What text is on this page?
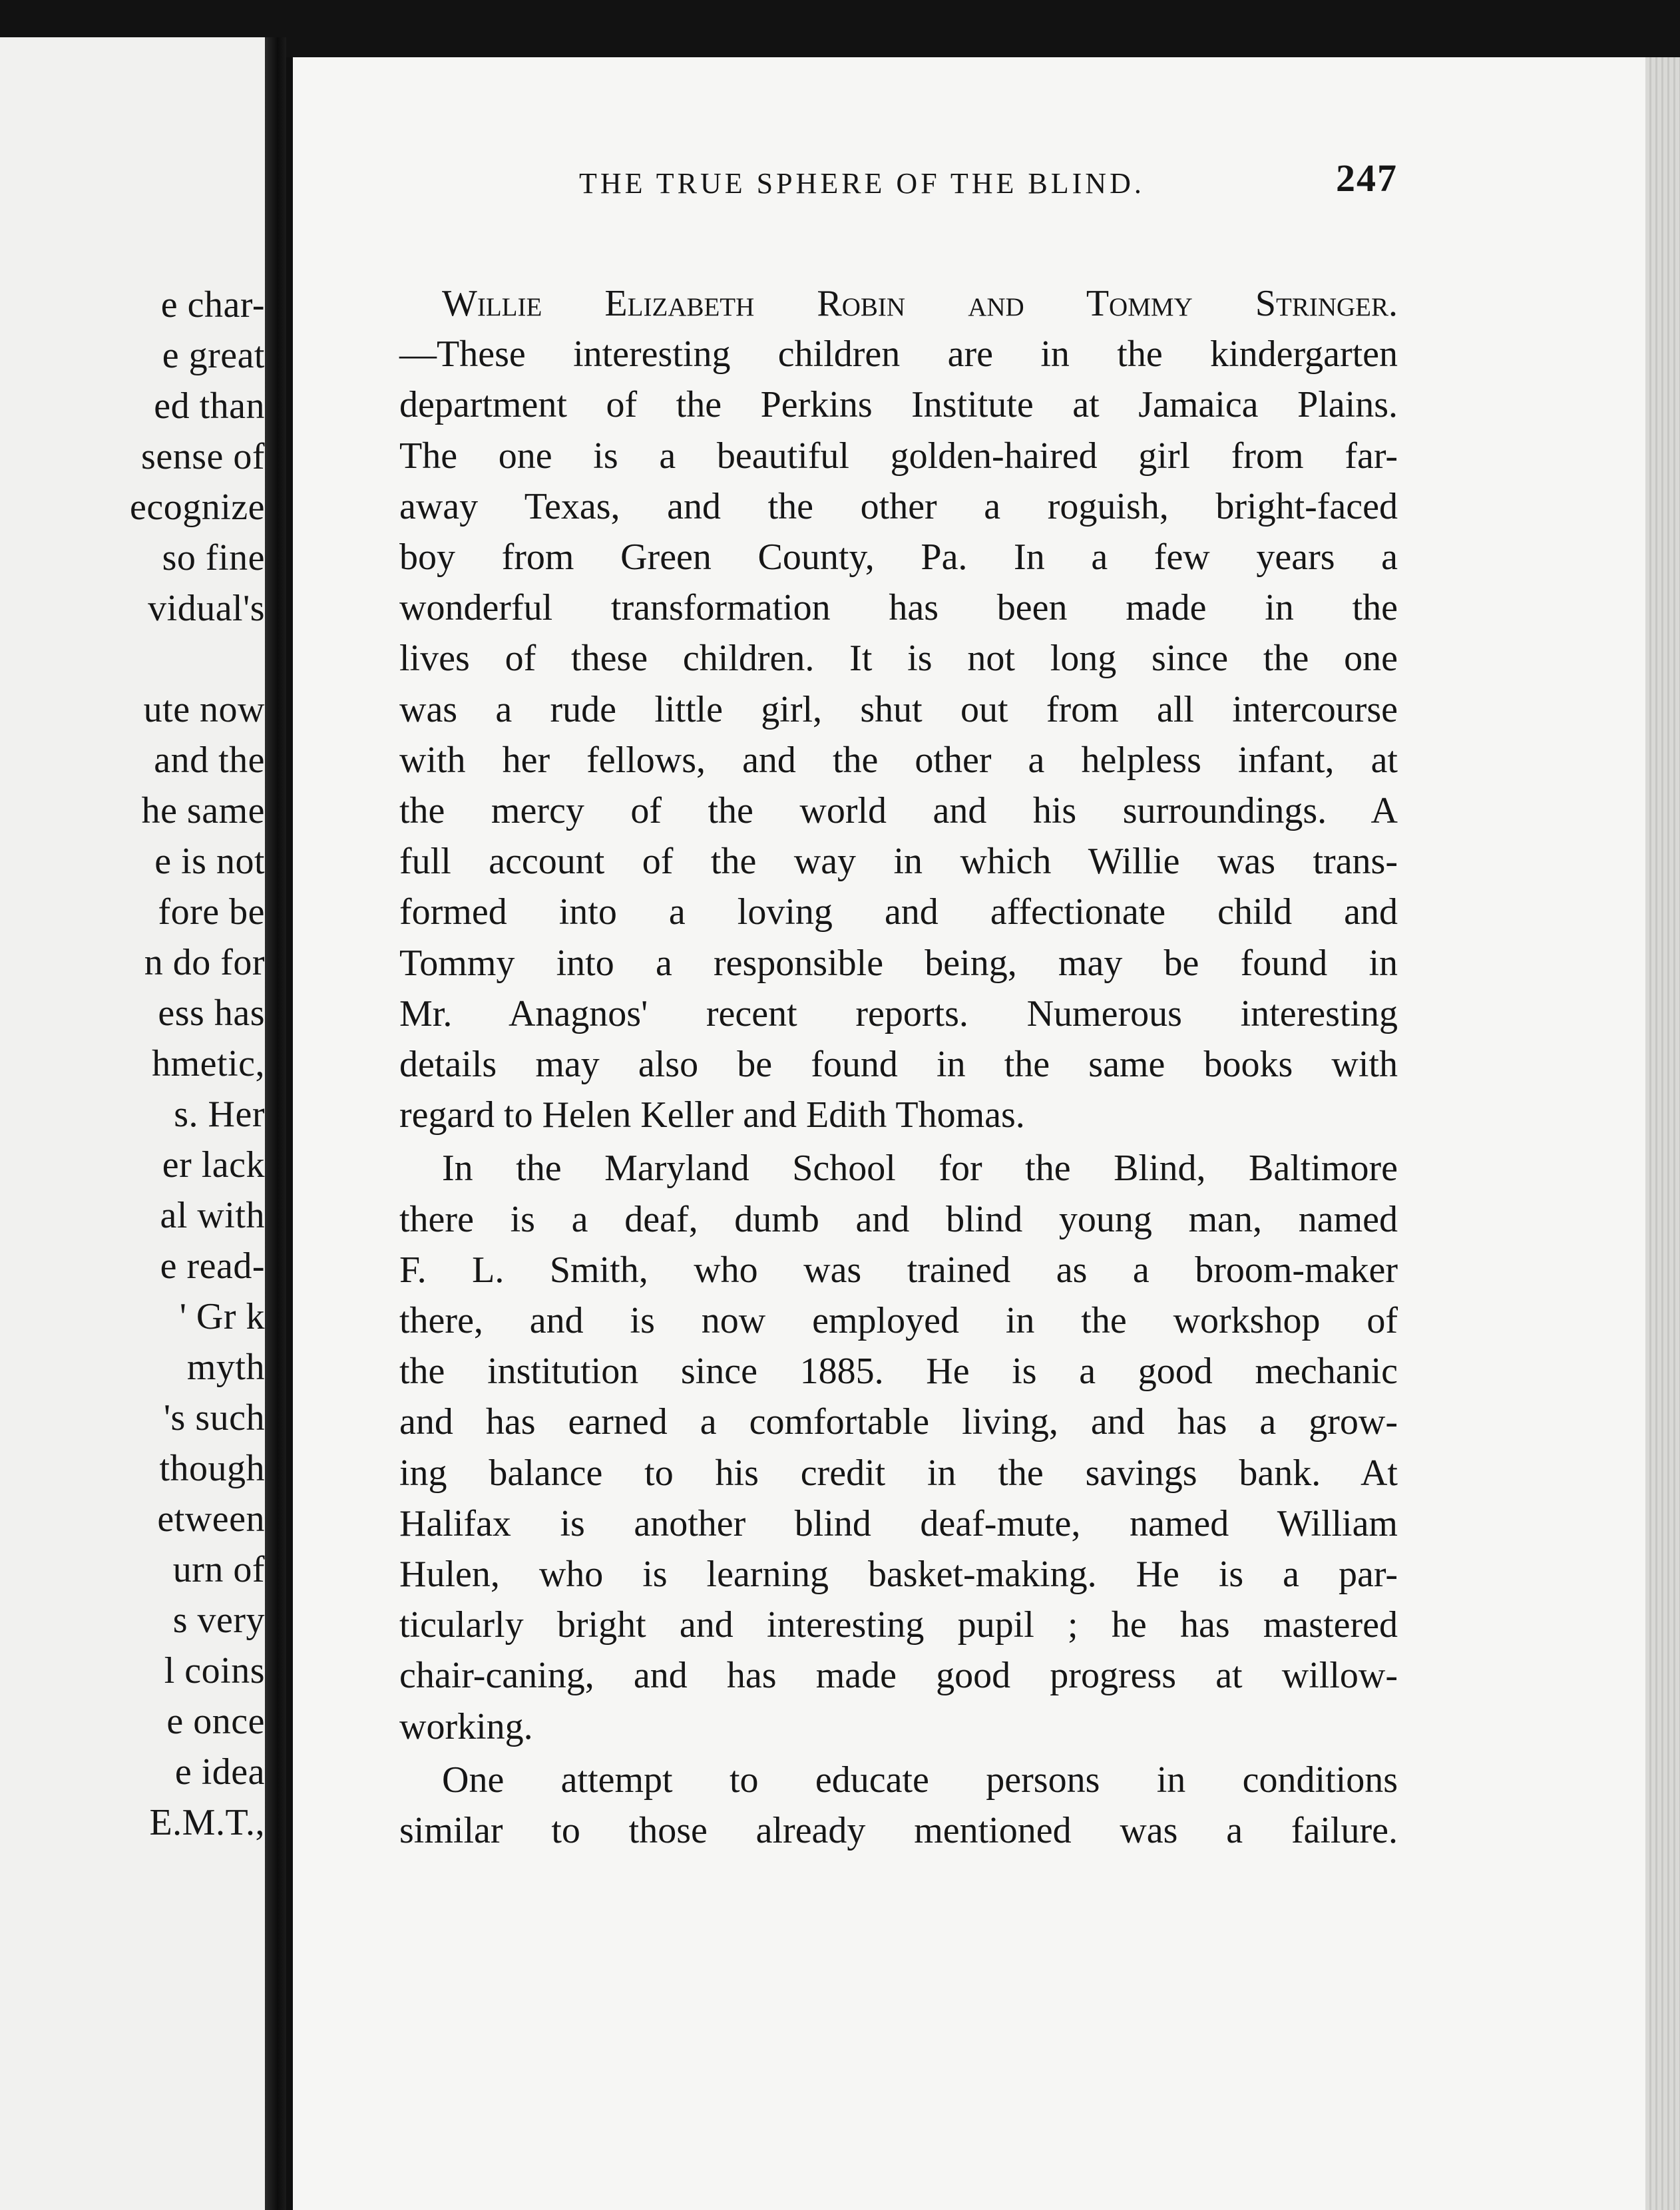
e char-
e great
ed than
sense of
ecognize
so fine
vidual's
ute now
and the
he same
e is not
fore be
n do for
ess has
hmetic,
s. Her
er lack
al with
e read-
' Gr k
myth
's such
though
etween
urn of
s very
l coins
e once
e idea
E.M.T.,
THE TRUE SPHERE OF THE BLIND.	247
Willie Elizabeth Robin and Tommy Stringer.
—These interesting children are in the kindergarten
department of the Perkins Institute at Jamaica Plains.
The one is a beautiful golden-haired girl from far-
away Texas, and the other a roguish, bright-faced
boy from Green County, Pa. In a few years a
wonderful transformation has been made in the
lives of these children. It is not long since the one
was a rude little girl, shut out from all intercourse
with her fellows, and the other a helpless infant, at
the mercy of the world and his surroundings. A
full account of the way in which Willie was trans-
formed into a loving and affectionate child and
Tommy into a responsible being, may be found in
Mr. Anagnos' recent reports. Numerous interesting
details may also be found in the same books with
regard to Helen Keller and Edith Thomas.
In the Maryland School for the Blind, Baltimore
there is a deaf, dumb and blind young man, named
F. L. Smith, who was trained as a broom-maker
there, and is now employed in the workshop of
the institution since 1885. He is a good mechanic
and has earned a comfortable living, and has a grow-
ing balance to his credit in the savings bank. At
Halifax is another blind deaf-mute, named William
Hulen, who is learning basket-making. He is a par-
ticularly bright and interesting pupil ; he has mastered
chair-caning, and has made good progress at willow-
working.
One attempt to educate persons in conditions
similar to those already mentioned was a failure.
